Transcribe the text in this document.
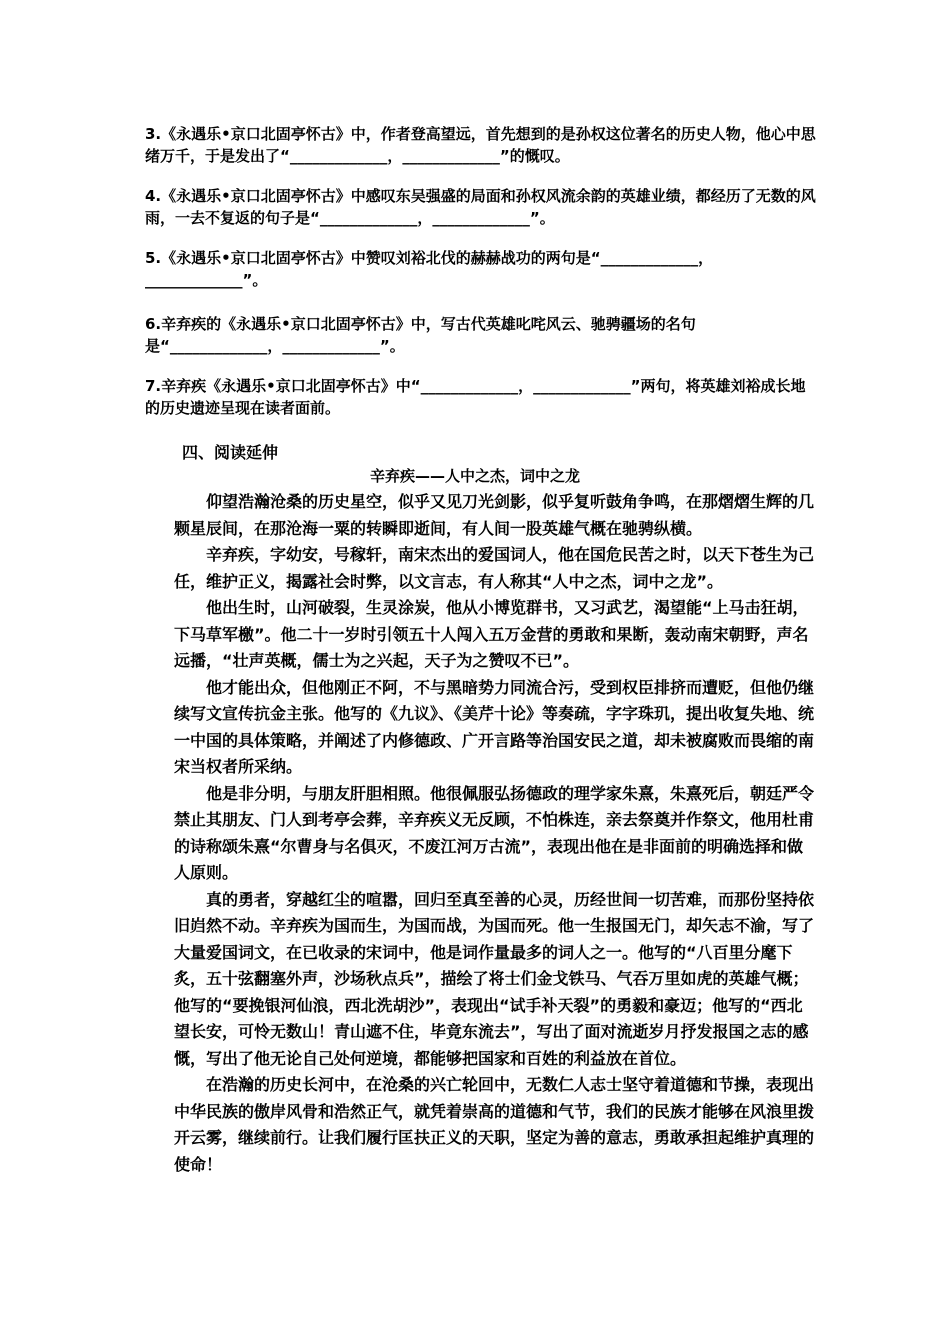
3.《永遇乐•京口北固亭怀古》中，作者登高望远，首先想到的是孙权这位著名的历史人物，他心中思绪万千，于是发出了“_____________，_____________”的慨叹。
4.《永遇乐•京口北固亭怀古》中感叹东吴强盛的局面和孙权风流余韵的英雄业绩，都经历了无数的风雨，一去不复返的句子是“_____________，_____________”。
5.《永遇乐•京口北固亭怀古》中赞叹刘裕北伐的赫赫战功的两句是“_____________，_____________”。
6.辛弃疾的《永遇乐•京口北固亭怀古》中，写古代英雄叱咤风云、驰骋疆场的名句是“_____________，_____________”。
7.辛弃疾《永遇乐•京口北固亭怀古》中“_____________，_____________”两句，将英雄刘裕成长地的历史遗迹呈现在读者面前。
四、阅读延伸
辛弃疾——人中之杰，词中之龙

仰望浩瀚沧桑的历史星空，似乎又见刀光剑影，似乎复听鼓角争鸣，在那熠熠生辉的几颗星辰间，在那沧海一粟的转瞬即逝间，有人间一股英雄气概在驰骋纵横。

辛弃疾，字幼安，号稼轩，南宋杰出的爱国词人，他在国危民苦之时，以天下苍生为己任，维护正义，揭露社会时弊，以文言志，有人称其“人中之杰，词中之龙”。

他出生时，山河破裂，生灵涂炭，他从小博览群书，又习武艺，渴望能“上马击狂胡，下马草军檄”。他二十一岁时引领五十人闯入五万金营的勇敢和果断，轰动南宋朝野，声名远播，“壮声英概，儒士为之兴起，天子为之赞叹不已”。

他才能出众，但他刚正不阿，不与黑暗势力同流合污，受到权臣排挤而遭贬，但他仍继续写文宣传抗金主张。他写的《九议》、《美芹十论》等奏疏，字字珠玑，提出收复失地、统一中国的具体策略，并阐述了内修德政、广开言路等治国安民之道，却未被腐败而畏缩的南宋当权者所采纳。

他是非分明，与朋友肝胆相照。他很佩服弘扬德政的理学家朱熹，朱熹死后，朝廷严令禁止其朋友、门人到考亭会葬，辛弃疾义无反顾，不怕株连，亲去祭奠并作祭文，他用杜甫的诗称颂朱熹“尔曹身与名俱灭，不废江河万古流”，表现出他在是非面前的明确选择和做人原则。

真的勇者，穿越红尘的喧嚣，回归至真至善的心灵，历经世间一切苦难，而那份坚持依旧岿然不动。辛弃疾为国而生，为国而战，为国而死。他一生报国无门，却矢志不渝，写了大量爱国词文，在已收录的宋词中，他是词作量最多的词人之一。他写的“八百里分麾下炙，五十弦翻塞外声，沙场秋点兵”，描绘了将士们金戈铁马、气吞万里如虎的英雄气概；他写的“要挽银河仙浪，西北洗胡沙”，表现出“试手补天裂”的勇毅和豪迈；他写的“西北望长安，可怜无数山！青山遮不住，毕竟东流去”，写出了面对流逝岁月抒发报国之志的感慨，写出了他无论自己处何逆境，都能够把国家和百姓的利益放在首位。

在浩瀚的历史长河中，在沧桑的兴亡轮回中，无数仁人志士坚守着道德和节操，表现出中华民族的傲岸风骨和浩然正气，就凭着崇高的道德和气节，我们的民族才能够在风浪里拨开云雾，继续前行。让我们履行匡扶正义的天职，坚定为善的意志，勇敢承担起维护真理的使命！
